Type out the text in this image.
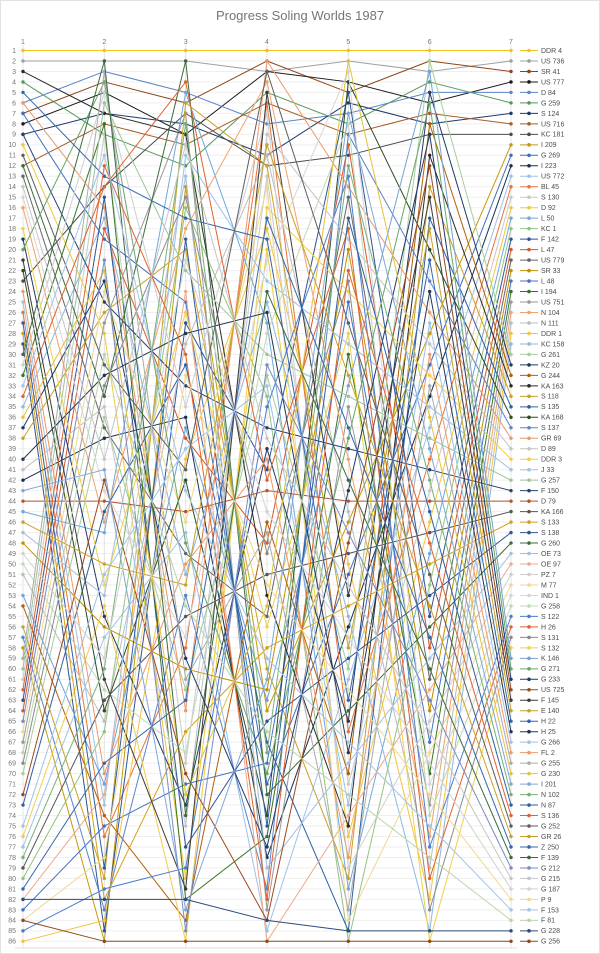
Progress Soling Worlds 1987
1	2	3	4	5	6	7
1
2
3
4
5
6
7
8
9
10
11
12
13
14
15
16
17
18
19
20
21
22
23
24
25
26
27
28
29
30
31
32
33
34
35
36
37
38
39
40
41
42
43
44
45
46
47
48
49
50
51
52
53
54
55
56
57
58
59
60
61
62
63
64
65
66
67
68
69
70
71
72
73
74
75
76
77
78
79
80
81
82
83
84
85
86
DDR 4
US 736
SR 41
US 777
D 84
G 259
S 124
US 716
KC 181
I 209
G 269
I 223
US 772
BL 45
S 130
D 92
L 50
KC 1
F 142
L 47
US 779
SR 33
L 48
I 194
US 751
N 104
N 111
DDR 1
KC 158
G 261
KZ 20
G 244
KA 163
S 118
S 135
KA 168
S 137
GR 69
D 89
DDR 3
J 33
G 257
F 150
D 79
KA 166
S 133
S 138
G 260
OE 73
OE 97
PZ 7
M 77
IND 1
G 258
S 122
H 26
S 131
S 132
K 146
G 271
G 233
US 725
F 145
E 140
H 22
H 25
G 266
FL 2
G 255
G 230
I 201
N 102
N 87
S 136
G 252
GR 26
Z 250
F 139
G 212
G 215
G 187
P 9
F 153
F 81
G 228
G 256
